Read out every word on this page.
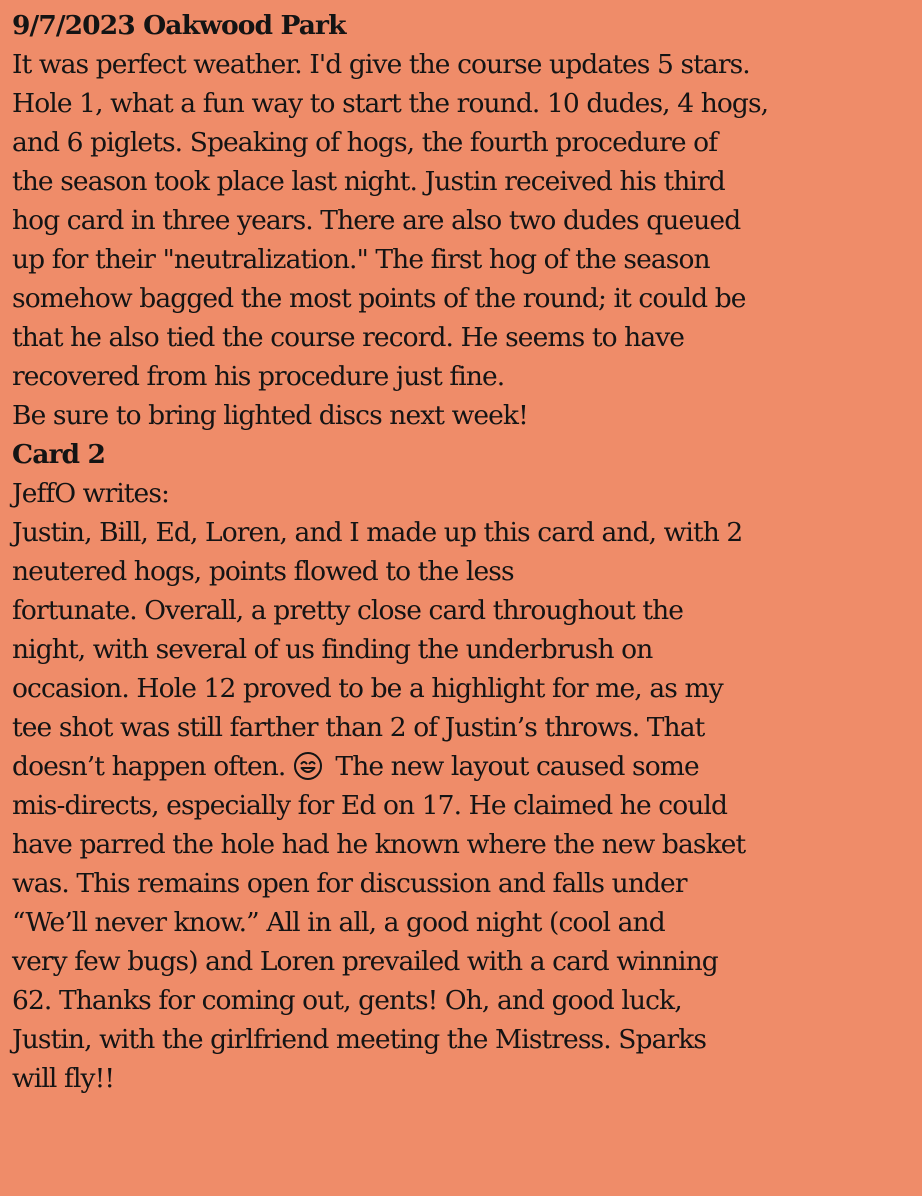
9/7/2023 Oakwood Park

It was perfect weather. I'd give the course updates 5 stars.
Hole 1, what a fun way to start the round. 10 dudes, 4 hogs,
and 6 piglets. Speaking of hogs, the fourth procedure of
the season took place last night. Justin received his third
hog card in three years. There are also two dudes queued
up for their "neutralization." The first hog of the season
somehow bagged the most points of the round; it could be
that he also tied the course record. He seems to have
recovered from his procedure just fine.
Be sure to bring lighted discs next week!

Card 2
JeffO writes:

Justin, Bill, Ed, Loren, and I made up this card and, with 2
neutered hogs, points flowed to the less
fortunate. Overall, a pretty close card throughout the
night, with several of us finding the underbrush on
occasion. Hole 12 proved to be a highlight for me, as my
tee shot was still farther than 2 of Justin’s throws. That
doesn’t happen often. The new layout caused some
mis-directs, especially for Ed on 17. He claimed he could
have parred the hole had he known where the new basket
was. This remains open for discussion and falls under
“We’ll never know.” All in all, a good night (cool and
very few bugs) and Loren prevailed with a card winning
62. Thanks for coming out, gents! Oh, and good luck,
Justin, with the girlfriend meeting the Mistress. Sparks
will fly!!
